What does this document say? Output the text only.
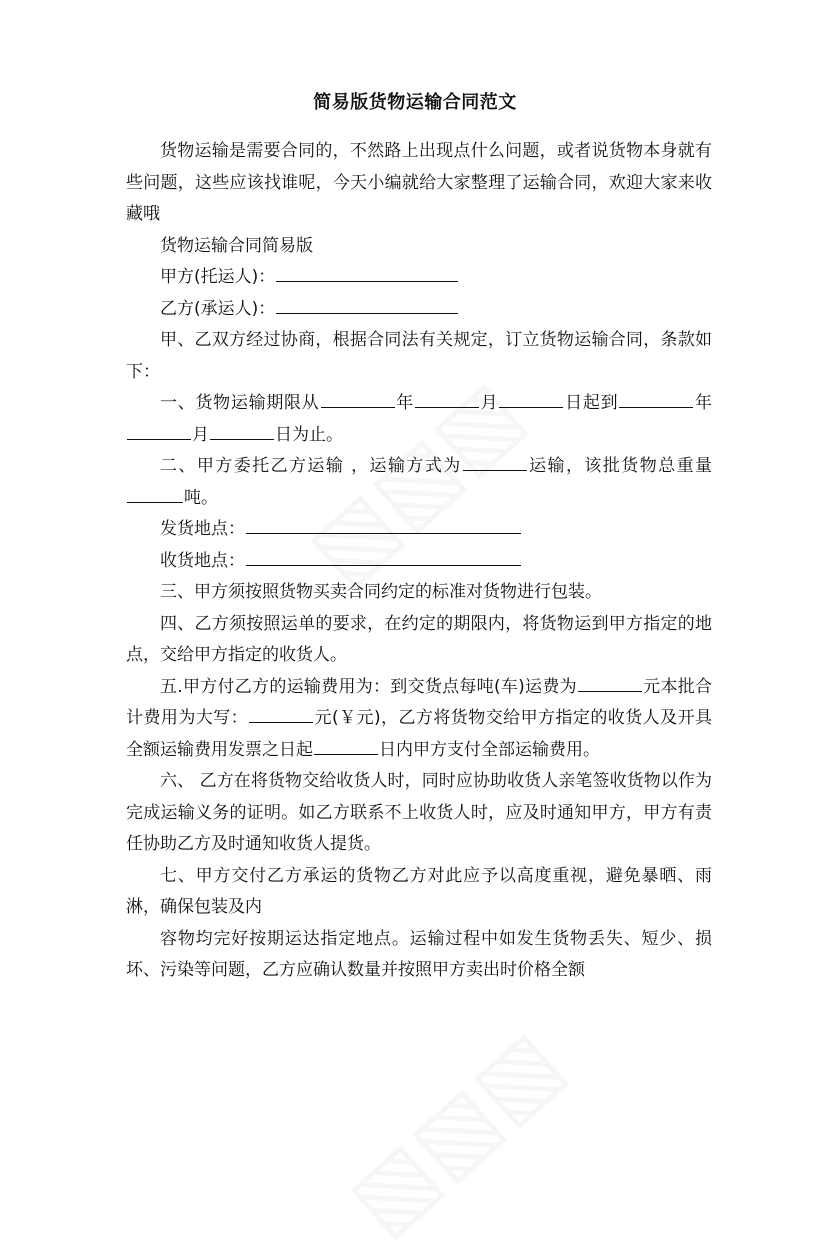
简易版货物运输合同范文

货物运输是需要合同的，不然路上出现点什么问题，或者说货物本身就有些问题，这些应该找谁呢，今天小编就给大家整理了运输合同，欢迎大家来收藏哦

货物运输合同简易版

甲方(托运人)：

乙方(承运人)：

甲、乙双方经过协商，根据合同法有关规定，订立货物运输合同，条款如下：

一、货物运输期限从	年	月	日起到	年月	日为止。

二、甲方委托乙方运输 ，运输方式为	运输，该批货物总重量吨。

发货地点：

收货地点：

三、甲方须按照货物买卖合同约定的标准对货物进行包装。

四、乙方须按照运单的要求，在约定的期限内，将货物运到甲方指定的地点，交给甲方指定的收货人。

五.甲方付乙方的运输费用为：到交货点每吨(车)运费为	元本批合计费用为大写：	元(￥元)，乙方将货物交给甲方指定的收货人及开具全额运输费用发票之日起	日内甲方支付全部运输费用。

六、 乙方在将货物交给收货人时，同时应协助收货人亲笔签收货物以作为完成运输义务的证明。如乙方联系不上收货人时，应及时通知甲方，甲方有责任协助乙方及时通知收货人提货。

七、甲方交付乙方承运的货物乙方对此应予以高度重视，避免暴晒、雨淋，确保包装及内

容物均完好按期运达指定地点。运输过程中如发生货物丢失、短少、损坏、污染等问题，乙方应确认数量并按照甲方卖出时价格全额
